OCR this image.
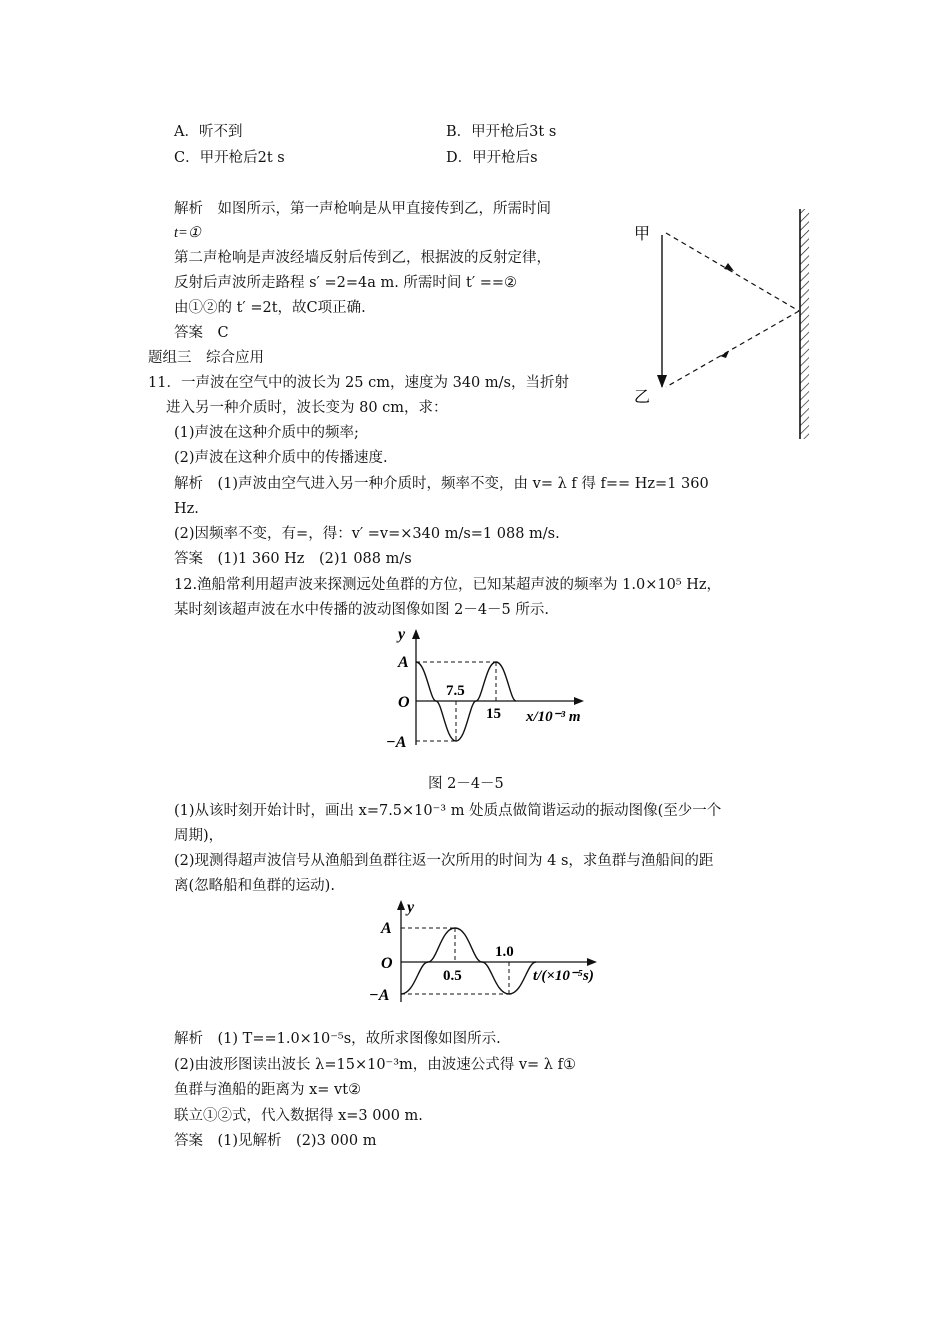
A．听不到	B．甲开枪后3t s
C．甲开枪后2t s	D．甲开枪后s
解析　如图所示，第一声枪响是从甲直接传到乙，所需时间
t=①
第二声枪响是声波经墙反射后传到乙，根据波的反射定律，
反射后声波所走路程 s′ =2=4a m. 所需时间 t′ ==②
由①②的 t′ =2t，故C项正确.
答案　C
甲
乙
题组三　综合应用
11．一声波在空气中的波长为 25 cm，速度为 340 m/s，当折射
进入另一种介质时，波长变为 80 cm，求：
(1)声波在这种介质中的频率;
(2)声波在这种介质中的传播速度.
解析　(1)声波由空气进入另一种介质时，频率不变，由 v= λ f 得 f== Hz=1 360
Hz.
(2)因频率不变，有=，得：v′ =v=×340 m/s=1 088 m/s.
答案　(1)1 360 Hz　(2)1 088 m/s
12.渔船常利用超声波来探测远处鱼群的方位，已知某超声波的频率为 1.0×10⁵ Hz，
某时刻该超声波在水中传播的波动图像如图 2－4－5 所示.
y
A
O
−A
7.5
15 x/10⁻³ m
图 2－4－5
(1)从该时刻开始计时，画出 x=7.5×10⁻³ m 处质点做简谐运动的振动图像(至少一个
周期)，
(2)现测得超声波信号从渔船到鱼群往返一次所用的时间为 4 s，求鱼群与渔船间的距
离(忽略船和鱼群的运动).
y
A
O
−A
0.5
1.0
t/(×10⁻⁵s)
解析　(1) T==1.0×10⁻⁵s，故所求图像如图所示.
(2)由波形图读出波长 λ=15×10⁻³m，由波速公式得 v= λ f①
鱼群与渔船的距离为 x= vt②
联立①②式，代入数据得 x=3 000 m.
答案　(1)见解析　(2)3 000 m
